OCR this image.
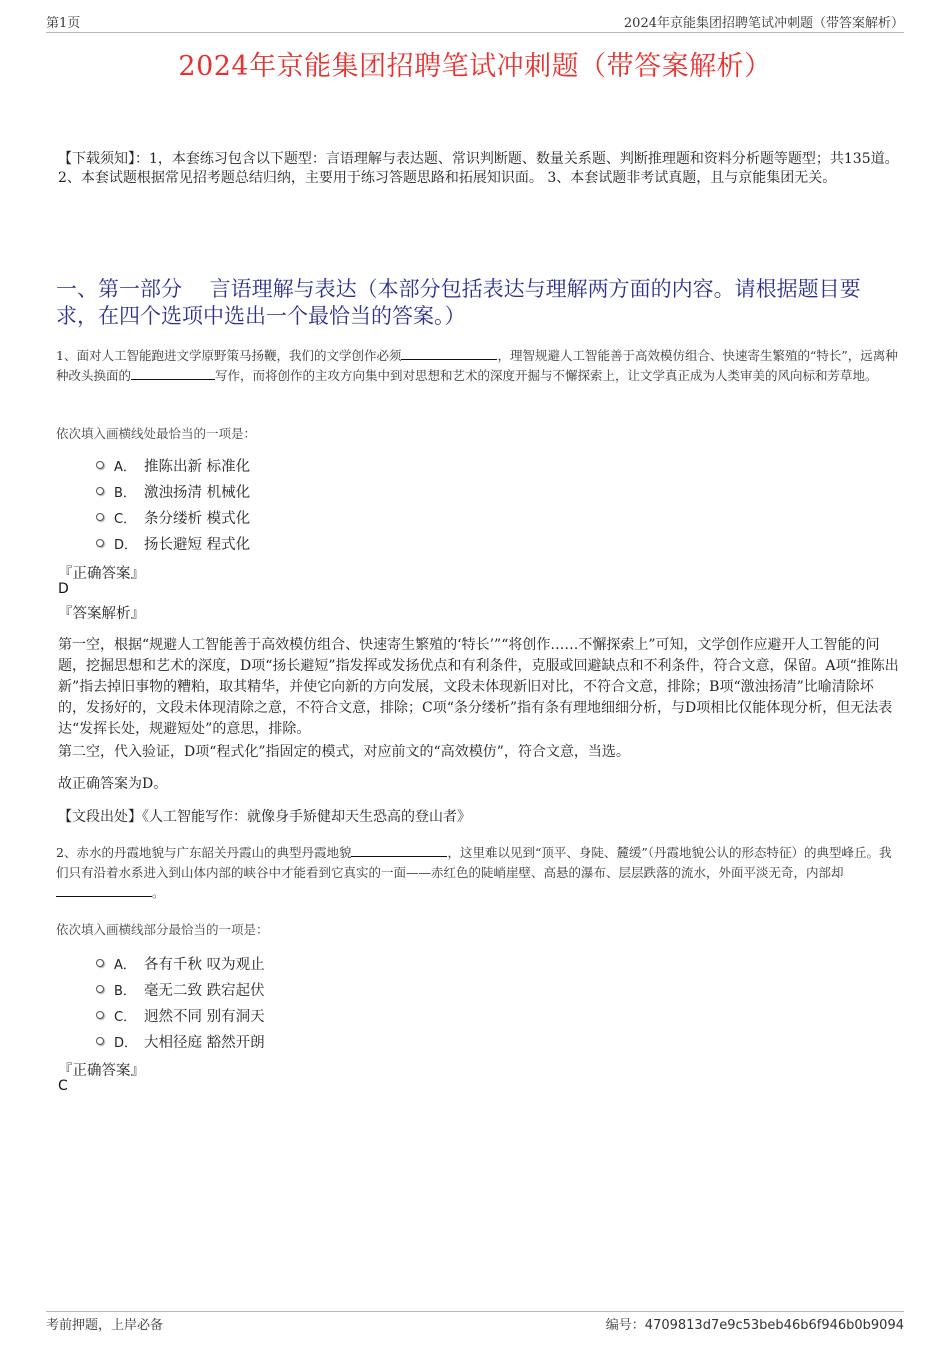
第1页	2024年京能集团招聘笔试冲刺题（带答案解析）
2024年京能集团招聘笔试冲刺题（带答案解析）
【下载须知】：1，本套练习包含以下题型：言语理解与表达题、常识判断题、数量关系题、判断推理题和资料分析题等题型；共135道。 2、本套试题根据常见招考题总结归纳，主要用于练习答题思路和拓展知识面。 3、本套试题非考试真题，且与京能集团无关。
一、第一部分　 言语理解与表达（本部分包括表达与理解两方面的内容。请根据题目要求，在四个选项中选出一个最恰当的答案。）
1、面对人工智能跑进文学原野策马扬鞭，我们的文学创作必须	，理智规避人工智能善于高效模仿组合、快速寄生繁殖的“特长”，远离种种改头换面的	写作，而将创作的主攻方向集中到对思想和艺术的深度开掘与不懈探索上，让文学真正成为人类审美的风向标和芳草地。
依次填入画横线处最恰当的一项是：
A． 推陈出新 标准化
B． 激浊扬清 机械化
C． 条分缕析 模式化
D． 扬长避短 程式化
『正确答案』
D
『答案解析』
第一空，根据“规避人工智能善于高效模仿组合、快速寄生繁殖的‘特长’”“将创作……不懈探索上”可知，文学创作应避开人工智能的问题，挖掘思想和艺术的深度，D项“扬长避短”指发挥或发扬优点和有利条件，克服或回避缺点和不利条件，符合文意，保留。A项“推陈出新”指去掉旧事物的糟粕，取其精华，并使它向新的方向发展，文段未体现新旧对比，不符合文意，排除；B项“激浊扬清”比喻清除坏的，发扬好的，文段未体现清除之意，不符合文意，排除；C项“条分缕析”指有条有理地细细分析，与D项相比仅能体现分析，但无法表达“发挥长处，规避短处”的意思，排除。
第二空，代入验证，D项“程式化”指固定的模式，对应前文的“高效模仿”，符合文意，当选。
故正确答案为D。
【文段出处】《人工智能写作：就像身手矫健却天生恐高的登山者》
2、赤水的丹霞地貌与广东韶关丹霞山的典型丹霞地貌	，这里难以见到“顶平、身陡、麓缓”（丹霞地貌公认的形态特征）的典型峰丘。我们只有沿着水系进入到山体内部的峡谷中才能看到它真实的一面——赤红色的陡峭崖壁、高悬的瀑布、层层跌落的流水，外面平淡无奇，内部却。
依次填入画横线部分最恰当的一项是：
A． 各有千秋 叹为观止
B． 毫无二致 跌宕起伏
C． 迥然不同 别有洞天
D． 大相径庭 豁然开朗
『正确答案』
C
考前押题，上岸必备	编号：4709813d7e9c53beb46b6f946b0b9094
